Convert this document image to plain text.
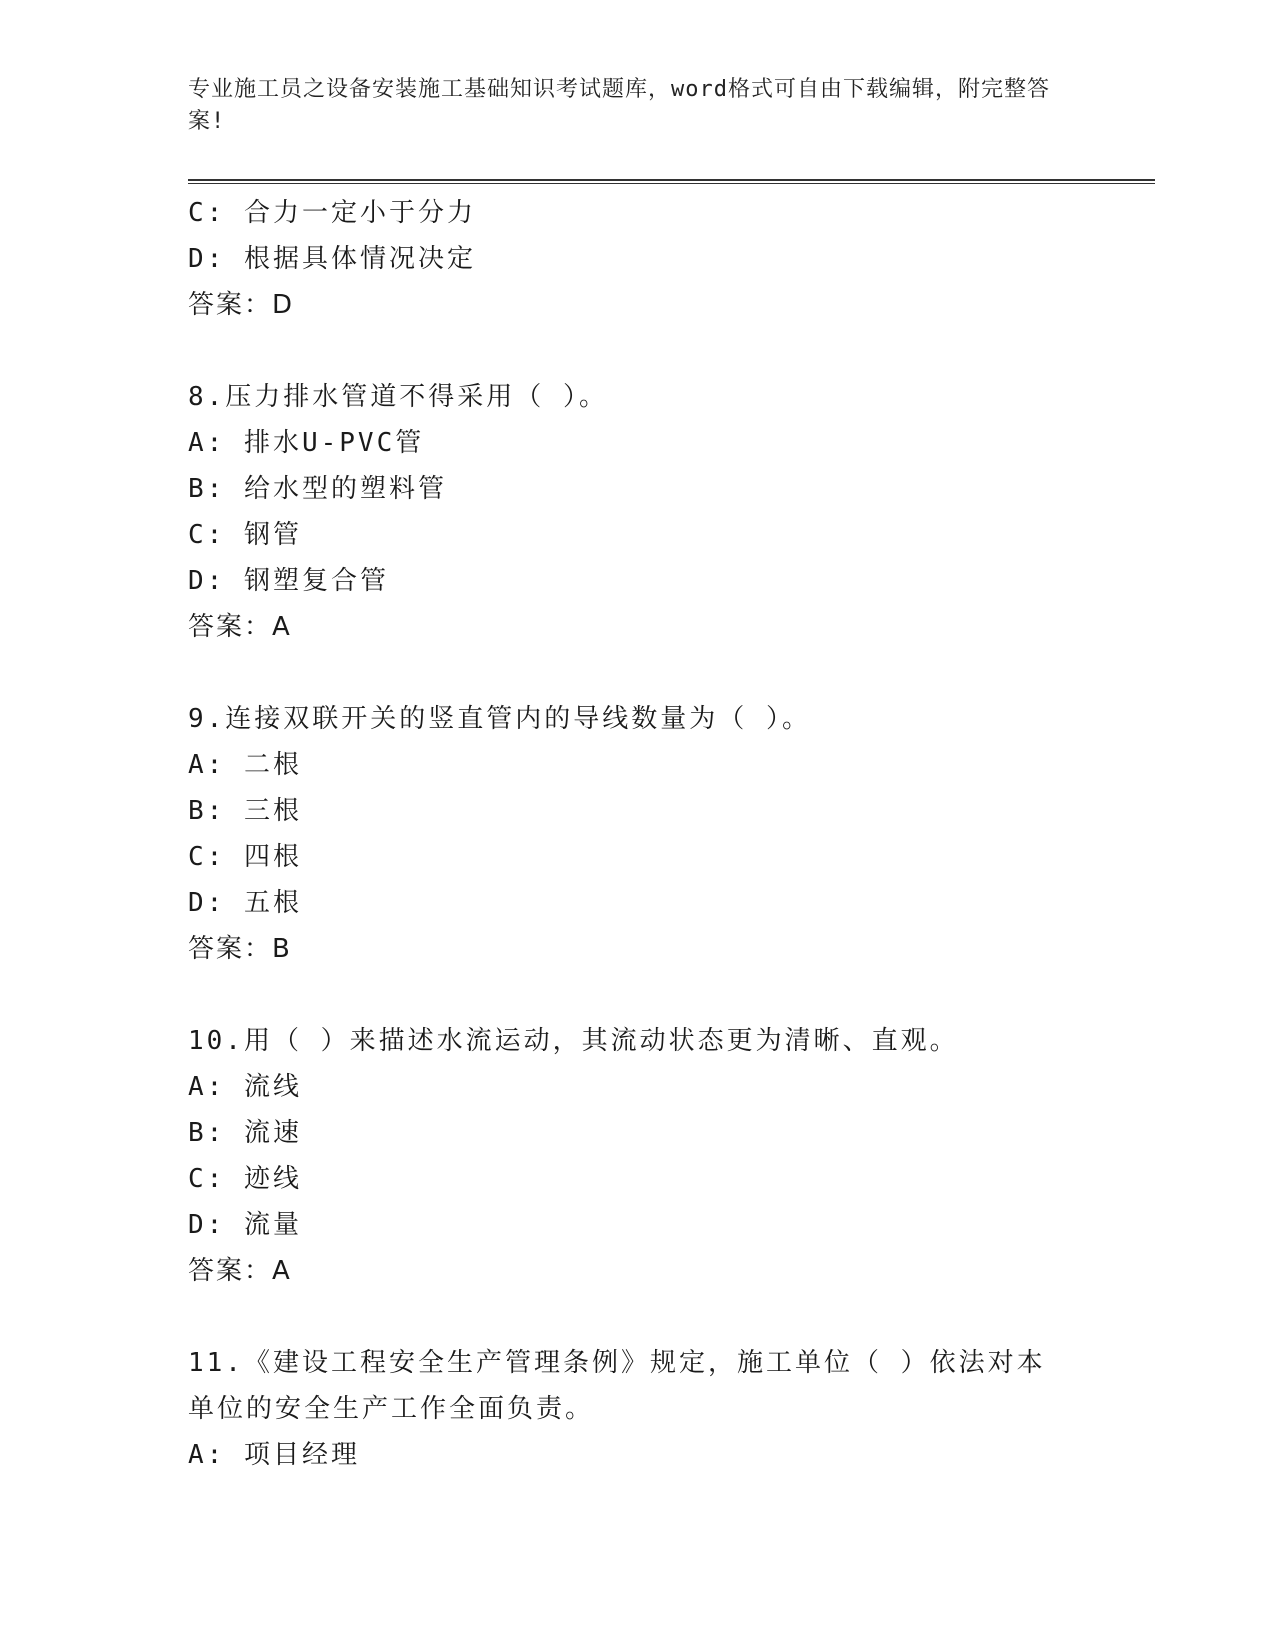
专业施工员之设备安装施工基础知识考试题库，word格式可自由下载编辑，附完整答案!
C: 合力一定小于分力
D: 根据具体情况决定
答案：D
8.压力排水管道不得采用（ ）。
A: 排水U-PVC管
B: 给水型的塑料管
C: 钢管
D: 钢塑复合管
答案：A
9.连接双联开关的竖直管内的导线数量为（ ）。
A: 二根
B: 三根
C: 四根
D: 五根
答案：B
10.用（ ）来描述水流运动，其流动状态更为清晰、直观。
A: 流线
B: 流速
C: 迹线
D: 流量
答案：A
11.《建设工程安全生产管理条例》规定，施工单位（ ）依法对本单位的安全生产工作全面负责。
A: 项目经理
